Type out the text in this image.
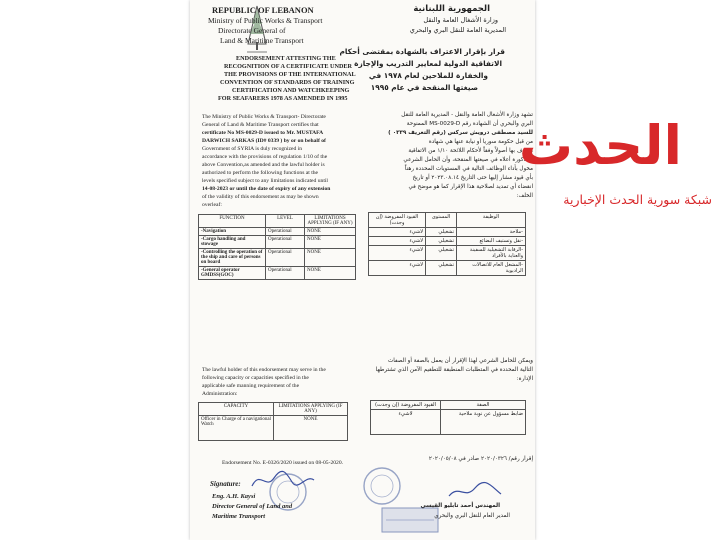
REPUBLIC OF LEBANON
Ministry of Public Works & Transport
Directorate General of
Land & Maritime Transport
الجمهورية اللبنانية
وزارة الأشغال العامة والنقل
المديرية العامة للنقل البري والبحري
ENDORSEMENT ATTESTING THE
RECOGNITION OF A CERTIFICATE UNDER
THE PROVISIONS OF THE INTERNATIONAL
CONVENTION OF STANDARDS OF TRAINING
CERTIFICATION AND WATCHKEEPING
FOR SEAFARERS 1978 AS AMENDED IN 1995
قرار بإقرار الاعتراف بالشهادة بمقتضى أحكام
الاتفاقية الدولية لمعايير التدريب والإجازة
والخفارة للملاحين لعام ١٩٧٨ في
صيغتها المنقحة في عام ١٩٩٥
The Ministry of Public Works & Transport- Directorate
General of Land & Maritime Transport certifies that
certificate No MS-0029-D issued to Mr. MUSTAFA
DARWICH SARKAS (ID# 0339 ) by or on behalf of
Government of SYRIA is duly recognized in
accordance with the provisions of regulation 1/10 of the
above Convention,as amended and the lawful holder is
authorized to perform the following functions at the
levels specified subject to any limitations indicated until
14-08-2023 or until the date of expiry of any extension
of the validity of this endorsement as may be shown
overleaf:
تشهد وزارة الأشغال العامة والنقل - المديرية العامة للنقل
البري والبحري أن الشهادة رقم MS-0029-D الممنوحة
للسيد مصطفى درويش سركس (رقم التعريف ٠٣٣٩ )
من قبل حكومة سوريا أو نيابة عنها هي شهادة
معترف بها أصولاً وفقاً لأحكام اللائحة ١/١٠ من الاتفاقية
المذكورة أعلاه في صيغتها المنقحة، وأن الحامل الشرعي
مخول بأداء الوظائف التالية في المستويات المحددة رهناً
بأي قيود مشار إليها حتى التاريخ ٢٠٢٣.٠٨.١٤ أو تاريخ
انقضاء أي تمديد لصلاحية هذا الإقرار كما هو موضح في
الخلف:
FUNCTION	LEVEL	LIMITATIONS APPLYING (IF ANY)
-Navigation	Operational	NONE
-Cargo handling and stowage	Operational	NONE
-Controlling the operation of the ship and care of persons on board	Operational	NONE
-General operator GMDSS(GOC)	Operational	NONE
الوظيفة	المستوى	القيود المفروضة (إن وجدت)
-ملاحة	تشغيلي	لاشيء
-نقل وتستيف البضائع	تشغيلي	لاشيء
-الرقابة التشغيلية للسفينة والعناية بالأفراد	تشغيلي	لاشيء
-المشغل العام للاتصالات الراديوية	تشغيلي	لاشيء
The lawful holder of this endorsement may serve in the
following capacity or capacities specified in the
applicable safe manning requirement of the
Administration:
ويمكن للحامل الشرعي لهذا الإقرار أن يعمل بالصفة أو الصفات
التالية المحددة في المتطلبات المنطبقة للتطقيم الآمن الذي تشترطها
الإدارة:
CAPACITY	LIMITATIONS APPLYING (IF ANY)
Officer in Charge of a navigational Watch	NONE
الصفة	القيود المفروضة (إن وجدت)
ضابط مسؤول عن نوبة ملاحية	لاشيء
Endorsement No. E-0326/2020 issued on 08-05-2020.
إقرار رقم/ ٢٠٢٠/٠٣٢٦ صادر في ٢٠٢٠/٠٥/٠٨
Signature:
Eng. A.H. Kaysi
Director General of Land and
Maritime Transport
المهندس أحمد تابليو القيسي
المدير العام للنقل البري والبحري
الحدث
شبكة سورية الحدث الإخبارية
